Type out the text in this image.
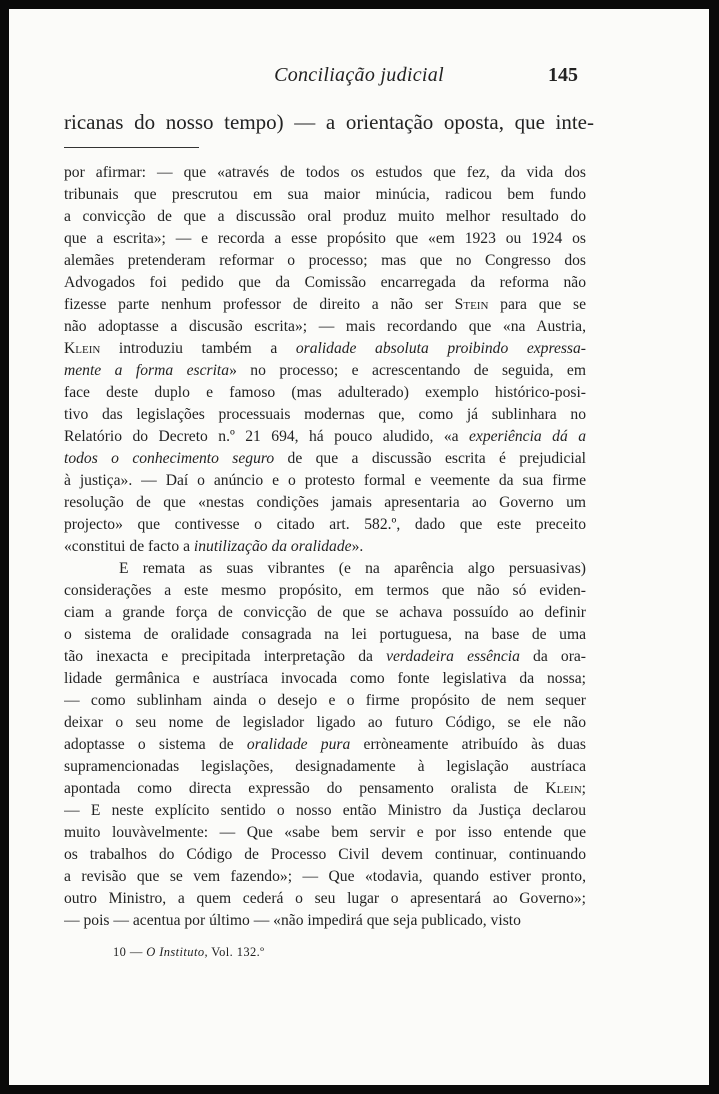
Conciliação judicial	145
ricanas do nosso tempo) — a orientação oposta, que inte-
por afirmar: — que «através de todos os estudos que fez, da vida dos
tribunais que prescrutou em sua maior minúcia, radicou bem fundo
a convicção de que a discussão oral produz muito melhor resultado do
que a escrita»; — e recorda a esse propósito que «em 1923 ou 1924 os
alemães pretenderam reformar o processo; mas que no Congresso dos
Advogados foi pedido que da Comissão encarregada da reforma não
fizesse parte nenhum professor de direito a não ser Stein para que se
não adoptasse a discusão escrita»; — mais recordando que «na Austria,
Klein introduziu também a oralidade absoluta proibindo expressa-
mente a forma escrita» no processo; e acrescentando de seguida, em
face deste duplo e famoso (mas adulterado) exemplo histórico-posi-
tivo das legislações processuais modernas que, como já sublinhara no
Relatório do Decreto n.º 21 694, há pouco aludido, «a experiência dá a
todos o conhecimento seguro de que a discussão escrita é prejudicial
à justiça». — Daí o anúncio e o protesto formal e veemente da sua firme
resolução de que «nestas condições jamais apresentaria ao Governo um
projecto» que contivesse o citado art. 582.º, dado que este preceito
«constitui de facto a inutilização da oralidade».
E remata as suas vibrantes (e na aparência algo persuasivas)
considerações a este mesmo propósito, em termos que não só eviden-
ciam a grande força de convicção de que se achava possuído ao definir
o sistema de oralidade consagrada na lei portuguesa, na base de uma
tão inexacta e precipitada interpretação da verdadeira essência da ora-
lidade germânica e austríaca invocada como fonte legislativa da nossa;
— como sublinham ainda o desejo e o firme propósito de nem sequer
deixar o seu nome de legislador ligado ao futuro Código, se ele não
adoptasse o sistema de oralidade pura erròneamente atribuído às duas
supramencionadas legislações, designadamente à legislação austríaca
apontada como directa expressão do pensamento oralista de Klein;
— E neste explícito sentido o nosso então Ministro da Justiça declarou
muito louvàvelmente: — Que «sabe bem servir e por isso entende que
os trabalhos do Código de Processo Civil devem continuar, continuando
a revisão que se vem fazendo»; — Que «todavia, quando estiver pronto,
outro Ministro, a quem cederá o seu lugar o apresentará ao Governo»;
— pois — acentua por último — «não impedirá que seja publicado, visto
10 — O Instituto, Vol. 132.º
